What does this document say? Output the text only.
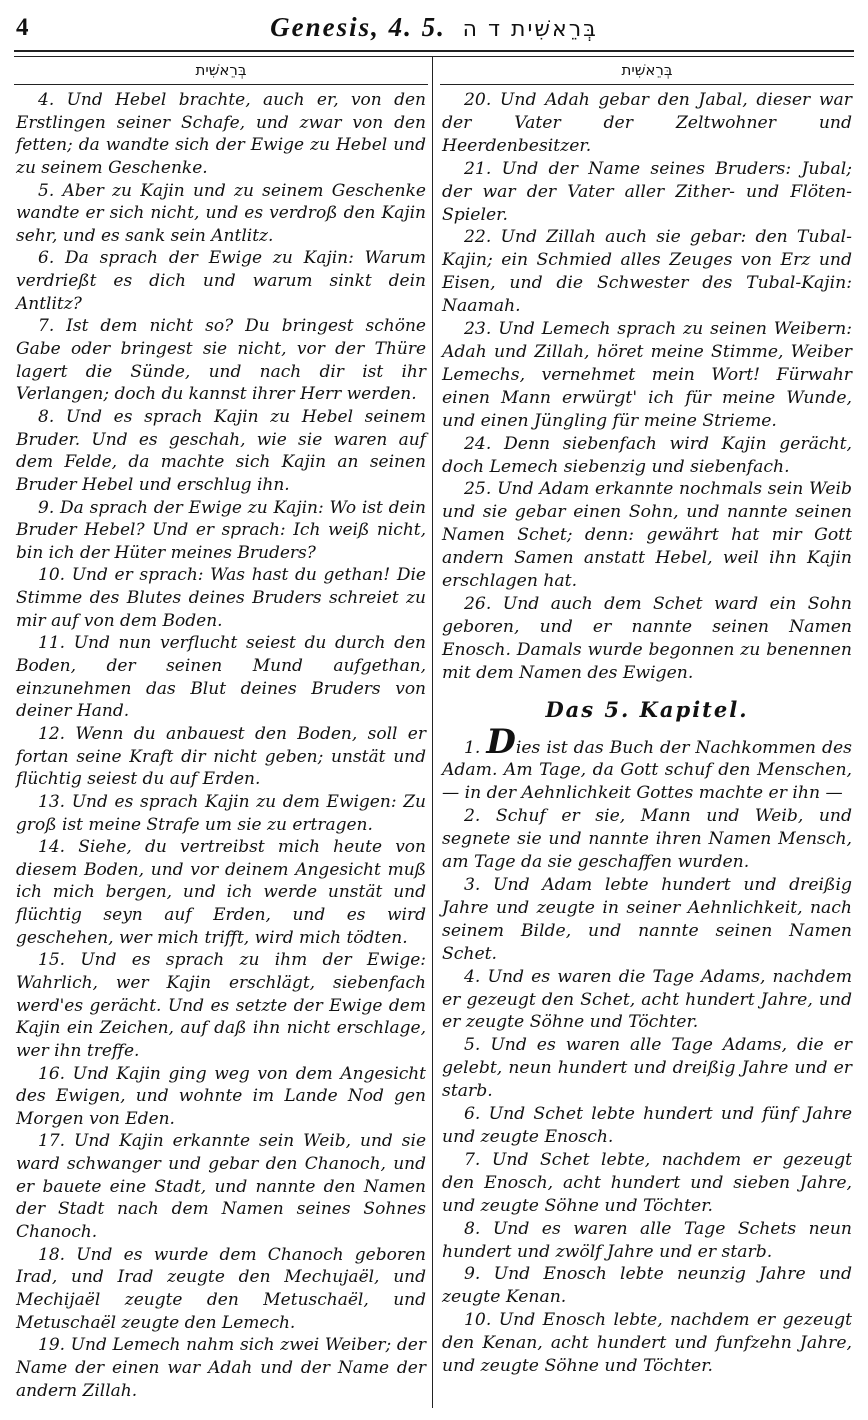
4	Genesis, 4. 5. בְּרֵאשִׁית ד ה
בְּרֵאשִׁית

4. Und Hebel brachte, auch er, von den Erstlingen seiner Schafe, und zwar von den fetten; da wandte sich der Ewige zu Hebel und zu seinem Geschenke.

5. Aber zu Kajin und zu seinem Geschenke wandte er sich nicht, und es verdroß den Kajin sehr, und es sank sein Antlitz.

6. Da sprach der Ewige zu Kajin: Warum verdrießt es dich und warum sinkt dein Antlitz?

7. Ist dem nicht so? Du bringest schöne Gabe oder bringest sie nicht, vor der Thüre lagert die Sünde, und nach dir ist ihr Verlangen; doch du kannst ihrer Herr werden.

8. Und es sprach Kajin zu Hebel seinem Bruder. Und es geschah, wie sie waren auf dem Felde, da machte sich Kajin an seinen Bruder Hebel und erschlug ihn.

9. Da sprach der Ewige zu Kajin: Wo ist dein Bruder Hebel? Und er sprach: Ich weiß nicht, bin ich der Hüter meines Bruders?

10. Und er sprach: Was hast du gethan! Die Stimme des Blutes deines Bruders schreiet zu mir auf von dem Boden.

11. Und nun verflucht seiest du durch den Boden, der seinen Mund aufgethan, einzunehmen das Blut deines Bruders von deiner Hand.

12. Wenn du anbauest den Boden, soll er fortan seine Kraft dir nicht geben; unstät und flüchtig seiest du auf Erden.

13. Und es sprach Kajin zu dem Ewigen: Zu groß ist meine Strafe um sie zu ertragen.

14. Siehe, du vertreibst mich heute von diesem Boden, und vor deinem Angesicht muß ich mich bergen, und ich werde unstät und flüchtig seyn auf Erden, und es wird geschehen, wer mich trifft, wird mich tödten.

15. Und es sprach zu ihm der Ewige: Wahrlich, wer Kajin erschlägt, siebenfach werd'es gerächt. Und es setzte der Ewige dem Kajin ein Zeichen, auf daß ihn nicht erschlage, wer ihn treffe.

16. Und Kajin ging weg von dem Angesicht des Ewigen, und wohnte im Lande Nod gen Morgen von Eden.

17. Und Kajin erkannte sein Weib, und sie ward schwanger und gebar den Chanoch, und er bauete eine Stadt, und nannte den Namen der Stadt nach dem Namen seines Sohnes Chanoch.

18. Und es wurde dem Chanoch geboren Irad, und Irad zeugte den Mechujaël, und Mechijaël zeugte den Metuschaël, und Metuschaël zeugte den Lemech.

19. Und Lemech nahm sich zwei Weiber; der Name der einen war Adah und der Name der andern Zillah.

בְּרֵאשִׁית

20. Und Adah gebar den Jabal, dieser war der Vater der Zeltwohner und Heerdenbesitzer.

21. Und der Name seines Bruders: Jubal; der war der Vater aller Zither- und Flöten-Spieler.

22. Und Zillah auch sie gebar: den Tubal-Kajin; ein Schmied alles Zeuges von Erz und Eisen, und die Schwester des Tubal-Kajin: Naamah.

23. Und Lemech sprach zu seinen Weibern: Adah und Zillah, höret meine Stimme, Weiber Lemechs, vernehmet mein Wort! Fürwahr einen Mann erwürgt' ich für meine Wunde, und einen Jüngling für meine Strieme.

24. Denn siebenfach wird Kajin gerächt, doch Lemech siebenzig und siebenfach.

25. Und Adam erkannte nochmals sein Weib und sie gebar einen Sohn, und nannte seinen Namen Schet; denn: gewährt hat mir Gott andern Samen anstatt Hebel, weil ihn Kajin erschlagen hat.

26. Und auch dem Schet ward ein Sohn geboren, und er nannte seinen Namen Enosch. Damals wurde begonnen zu benennen mit dem Namen des Ewigen.

Das 5. Kapitel.

1. Dies ist das Buch der Nachkommen des Adam. Am Tage, da Gott schuf den Menschen, — in der Aehnlichkeit Gottes machte er ihn —

2. Schuf er sie, Mann und Weib, und segnete sie und nannte ihren Namen Mensch, am Tage da sie geschaffen wurden.

3. Und Adam lebte hundert und dreißig Jahre und zeugte in seiner Aehnlichkeit, nach seinem Bilde, und nannte seinen Namen Schet.

4. Und es waren die Tage Adams, nachdem er gezeugt den Schet, acht hundert Jahre, und er zeugte Söhne und Töchter.

5. Und es waren alle Tage Adams, die er gelebt, neun hundert und dreißig Jahre und er starb.

6. Und Schet lebte hundert und fünf Jahre und zeugte Enosch.

7. Und Schet lebte, nachdem er gezeugt den Enosch, acht hundert und sieben Jahre, und zeugte Söhne und Töchter.

8. Und es waren alle Tage Schets neun hundert und zwölf Jahre und er starb.

9. Und Enosch lebte neunzig Jahre und zeugte Kenan.

10. Und Enosch lebte, nachdem er gezeugt den Kenan, acht hundert und funfzehn Jahre, und zeugte Söhne und Töchter.
